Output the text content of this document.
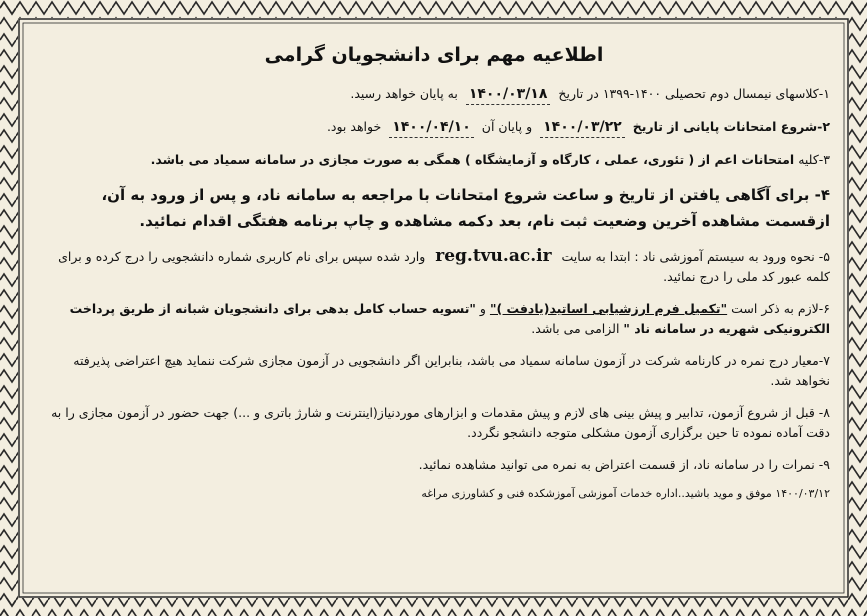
اطلاعیه مهم برای دانشجویان گرامی
۱-کلاسهای نیمسال دوم تحصیلی ۱۴۰۰-۱۳۹۹ در تاریخ ۱۴۰۰/۰۳/۱۸ به پایان خواهد رسید.
۲-شروع امتحانات پایانی از تاریخ ۱۴۰۰/۰۳/۲۲ و پایان آن ۱۴۰۰/۰۴/۱۰ خواهد بود.
۳-کلیه امتحانات اعم از ( تئوری، عملی ، کارگاه و آزمایشگاه ) همگی به صورت مجازی در سامانه سمیاد می باشد.
۴- برای آگاهی یافتن از تاریخ و ساعت شروع امتحانات با مراجعه به سامانه ناد، و پس از ورود به آن، ازقسمت مشاهده آخرین وضعیت ثبت نام، بعد دکمه مشاهده و چاپ برنامه هفتگی اقدام نمائید.
۵- نحوه ورود به سیستم آموزشی ناد : ابتدا به سایت reg.tvu.ac.ir وارد شده سپس برای نام کاربری شماره دانشجویی را درج کرده و برای کلمه عبور کد ملی را درج نمائید.
۶-لازم به ذکر است "تکمیل فرم ارزشیابی اساتید(یادفت )" و "تسویه حساب کامل بدهی برای دانشجویان شبانه از طریق پرداخت الکترونیکی شهریه در سامانه ناد " الزامی می باشد.
۷-معیار درج نمره در کارنامه شرکت در آزمون سامانه سمیاد می باشد، بنابراین اگر دانشجویی در آزمون مجازی شرکت ننماید هیچ اعتراضی پذیرفته نخواهد شد.
۸- قبل از شروع آزمون، تدابیر و پیش بینی های لازم و پیش مقدمات و ابزارهای موردنیاز(اینترنت و شارژ باتری و ...) جهت حضور در آزمون مجازی را به دقت آماده نموده تا حین برگزاری آزمون مشکلی متوجه دانشجو نگردد.
۹- نمرات را در سامانه ناد، از قسمت اعتراض به نمره می توانید مشاهده نمائید.
۱۴۰۰/۰۳/۱۲ موفق و موید باشید..اداره خدمات آموزشی آموزشکده فنی و کشاورزی مراغه
